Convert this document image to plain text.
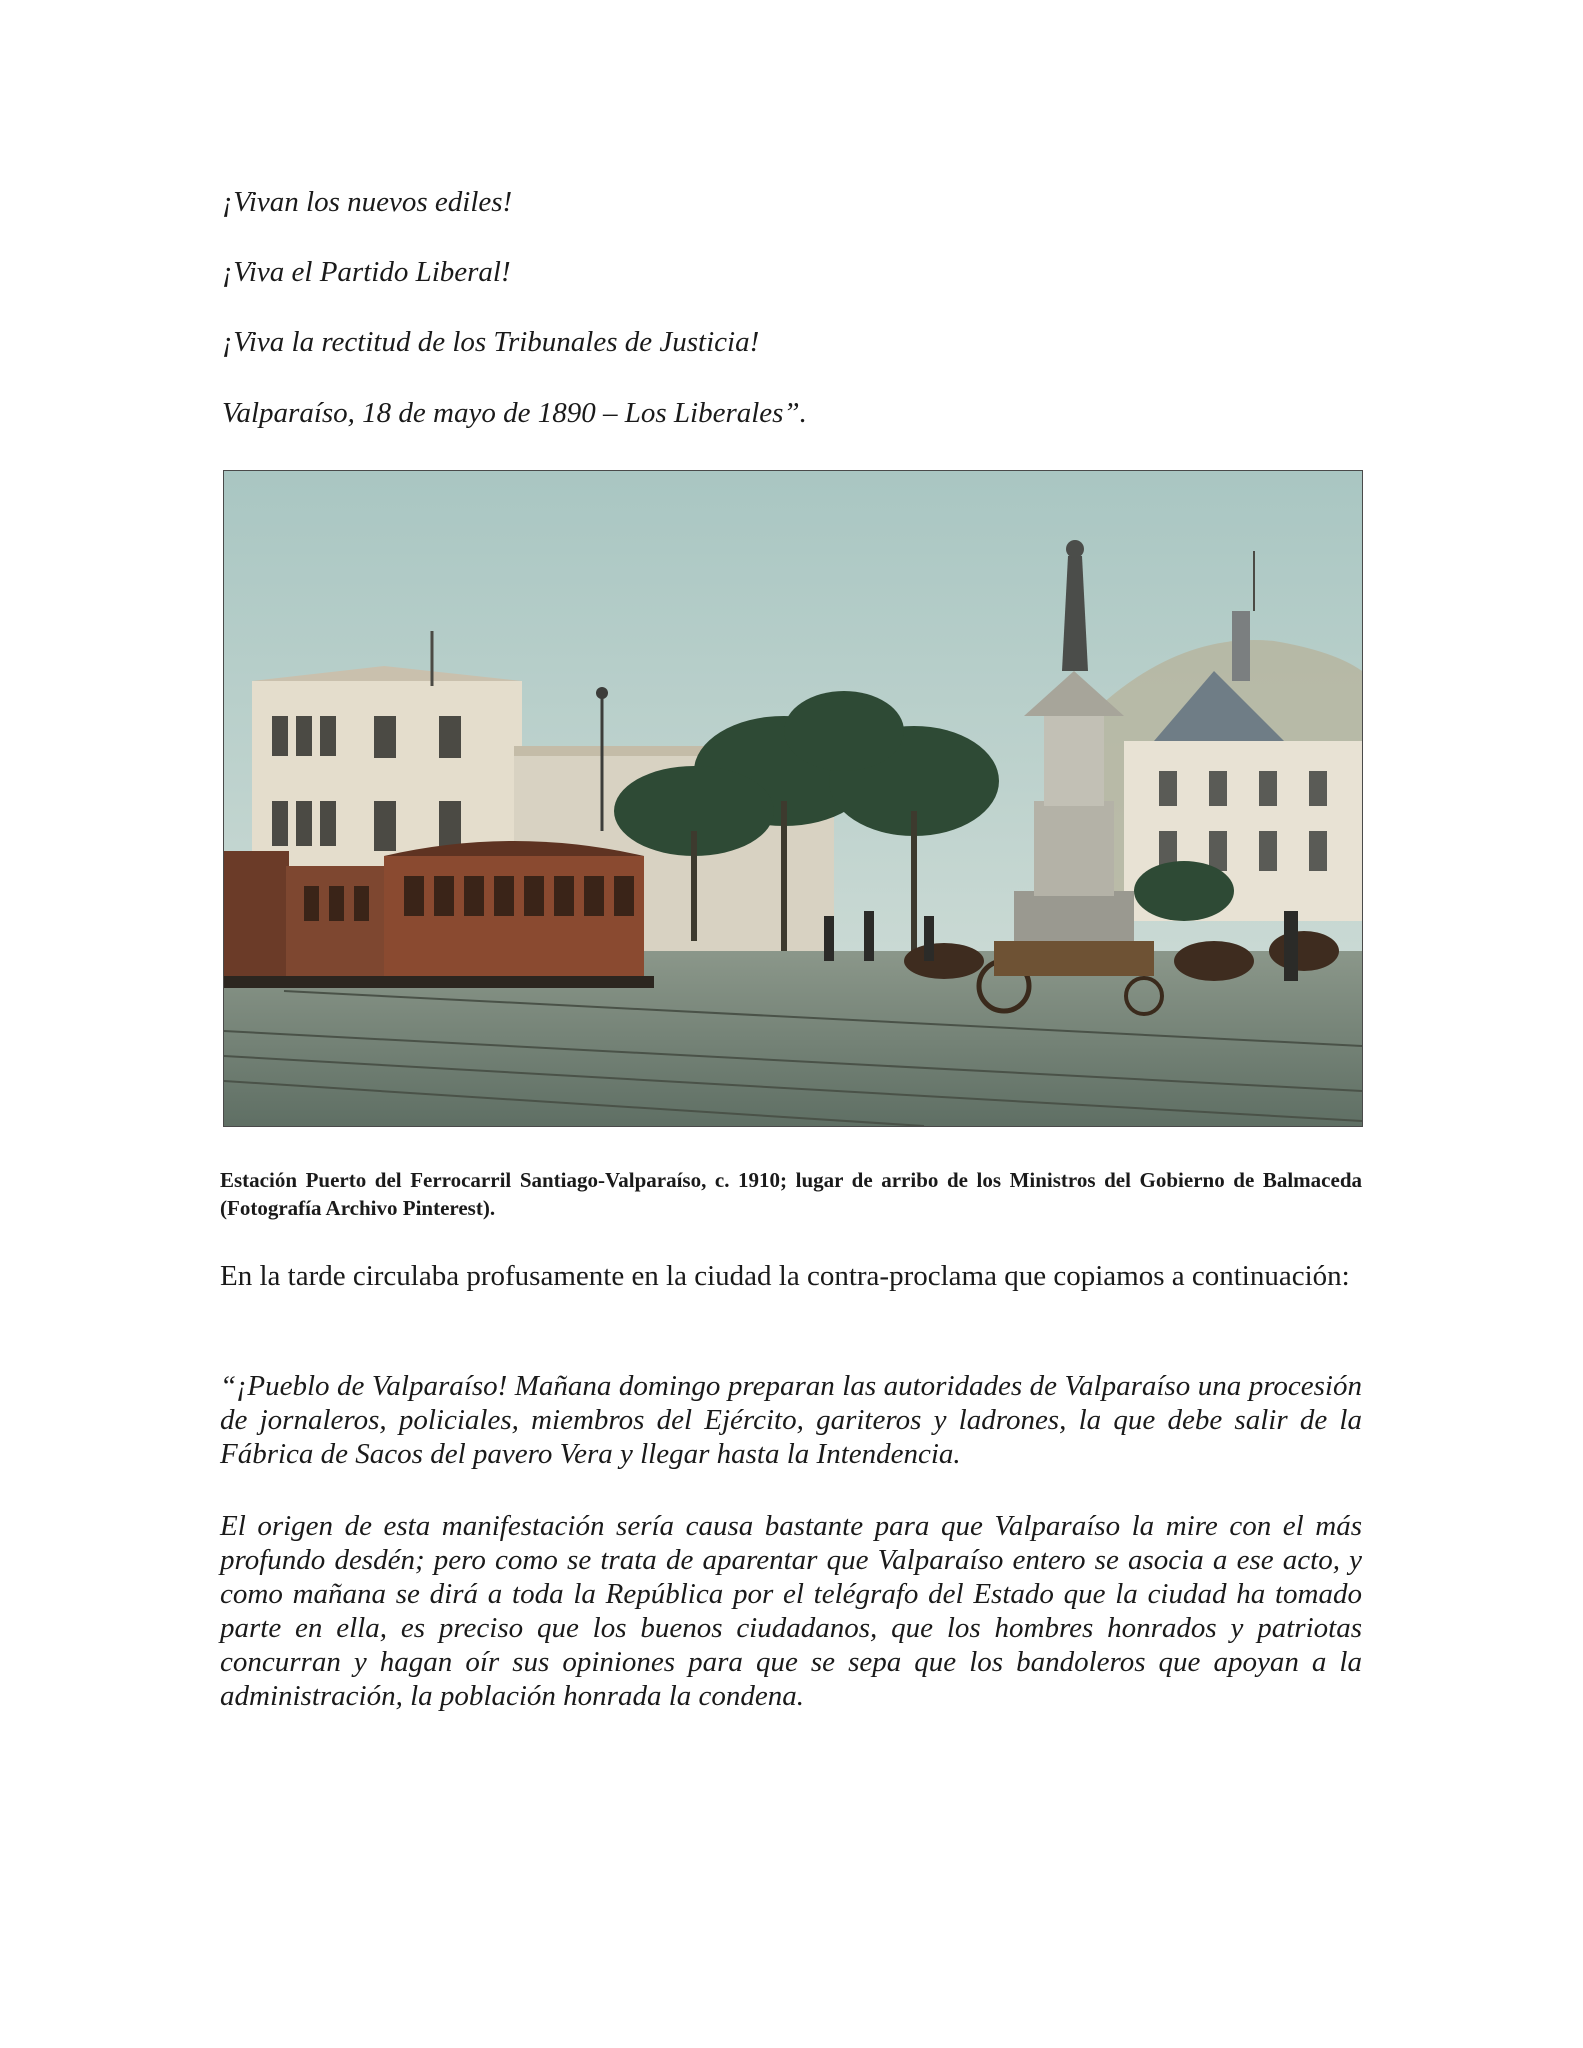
¡Vivan los nuevos ediles!

¡Viva el Partido Liberal!

¡Viva la rectitud de los Tribunales de Justicia!

Valparaíso, 18 de mayo de 1890 – Los Liberales”.

Estación Puerto del Ferrocarril Santiago-Valparaíso, c. 1910; lugar de arribo de los Ministros del Gobierno de Balmaceda (Fotografía Archivo Pinterest).

En la tarde circulaba profusamente en la ciudad la contra-proclama que copiamos a continuación:

“¡Pueblo de Valparaíso! Mañana domingo preparan las autoridades de Valparaíso una procesión de jornaleros, policiales, miembros del Ejército, gariteros y ladrones, la que debe salir de la Fábrica de Sacos del pavero Vera y llegar hasta la Intendencia.

El origen de esta manifestación sería causa bastante para que Valparaíso la mire con el más profundo desdén; pero como se trata de aparentar que Valparaíso entero se asocia a ese acto, y como mañana se dirá a toda la República por el telégrafo del Estado que la ciudad ha tomado parte en ella, es preciso que los buenos ciudadanos, que los hombres honrados y patriotas concurran y hagan oír sus opiniones para que se sepa que los bandoleros que apoyan a la administración, la población honrada la condena.
